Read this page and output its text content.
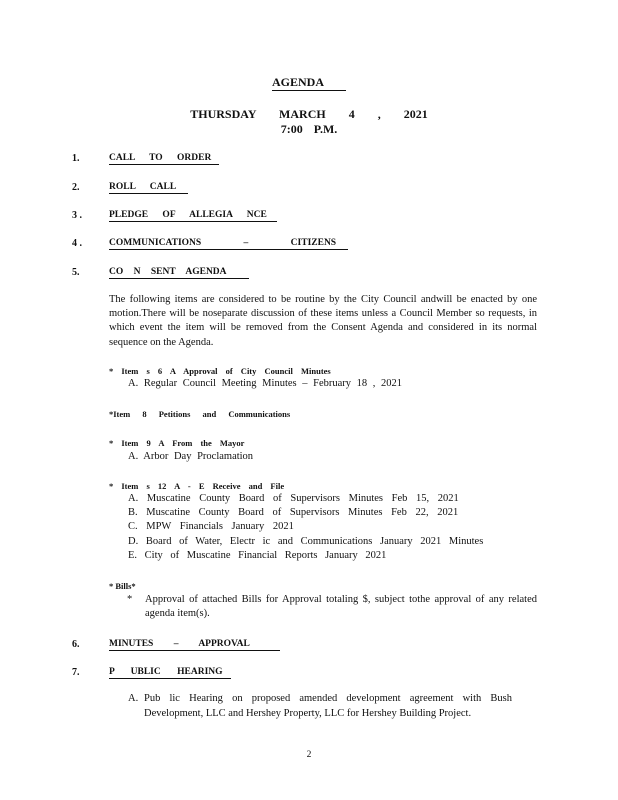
AGENDA
THURSDAY MARCH 4 , 2021
7:00 P.M.
1.	CALL TO ORDER
2.	ROLL CALL
3 .	PLEDGE OF ALLEGIA NCE
4 .	COMMUNICATIONS – CITIZENS
5.	CO N SENT AGENDA
The following items are considered to be routine by the City Council andwill be enacted by one motion.There will be noseparate discussion of these items unless a Council Member so requests, in which event the item will be removed from the Consent Agenda and considered in its normal sequence on the Agenda.
* Item s 6 A Approval of City Council Minutes
A. Regular Council Meeting Minutes – February 18 , 2021
*Item 8 Petitions and Communications
* Item 9 A From the Mayor
A. Arbor Day Proclamation
* Item s 12 A - E Receive and File
A. Muscatine County Board of Supervisors Minutes Feb 15, 2021
B. Muscatine County Board of Supervisors Minutes Feb 22, 2021
C. MPW Financials January 2021
D. Board of Water, Electr ic and Communications January 2021 Minutes
E. City of Muscatine Financial Reports January 2021
* Bills*
*	Approval of attached Bills for Approval totaling $, subject tothe approval of any related agenda item(s).
6.	MINUTES – APPROVAL
7.	P UBLIC HEARING
A. Pub lic Hearing on proposed amended development agreement with Bush Development, LLC and Hershey Property, LLC for Hershey Building Project.
2
